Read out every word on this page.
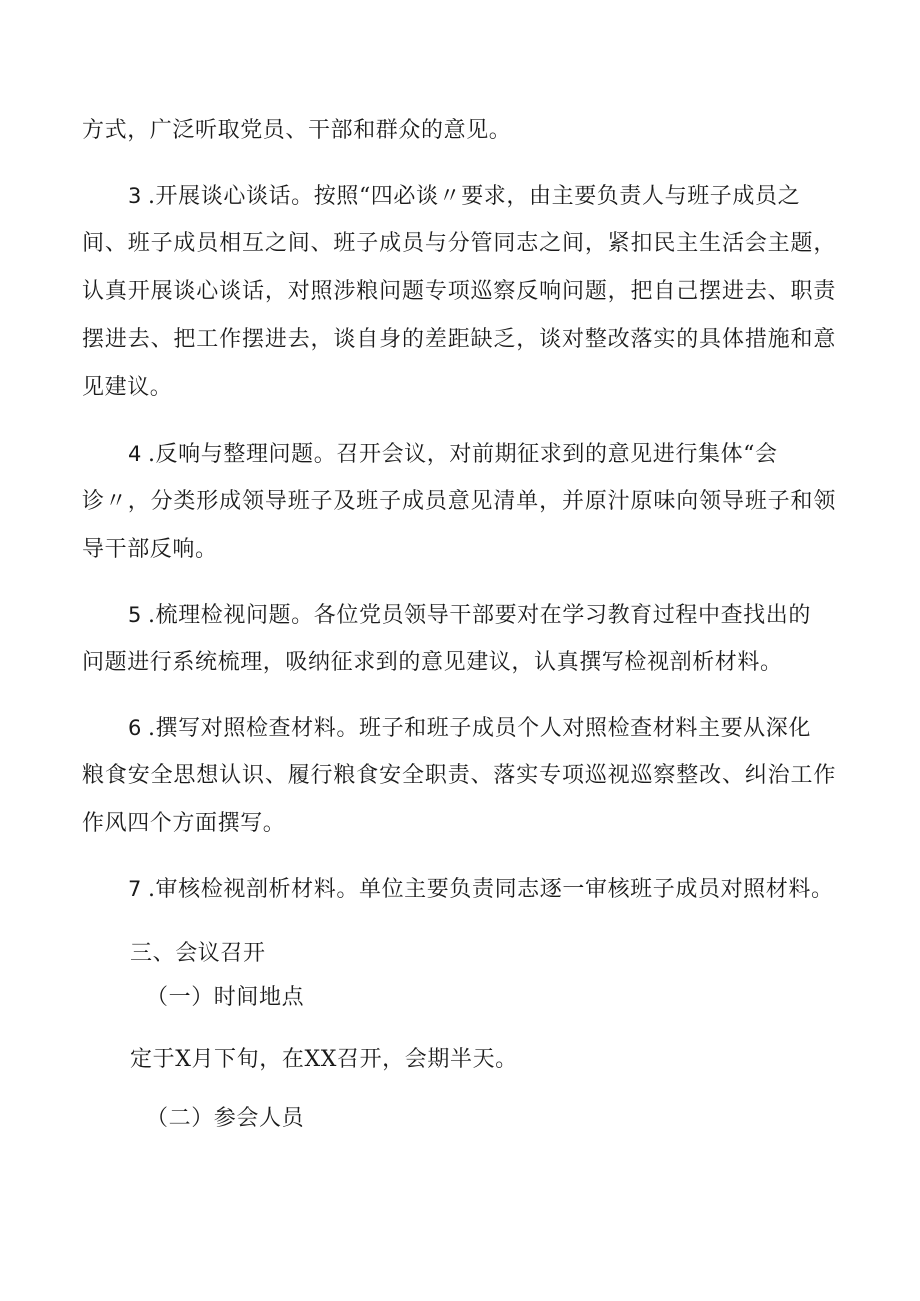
方式，广泛听取党员、干部和群众的意见。
3 .开展谈心谈话。按照“四必谈〃要求，由主要负责人与班子成员之
间、班子成员相互之间、班子成员与分管同志之间，紧扣民主生活会主题，
认真开展谈心谈话，对照涉粮问题专项巡察反响问题，把自己摆进去、职责
摆进去、把工作摆进去，谈自身的差距缺乏，谈对整改落实的具体措施和意
见建议。
4 .反响与整理问题。召开会议，对前期征求到的意见进行集体“会
诊〃，分类形成领导班子及班子成员意见清单，并原汁原味向领导班子和领
导干部反响。
5 .梳理检视问题。各位党员领导干部要对在学习教育过程中查找出的
问题进行系统梳理，吸纳征求到的意见建议，认真撰写检视剖析材料。
6 .撰写对照检查材料。班子和班子成员个人对照检查材料主要从深化
粮食安全思想认识、履行粮食安全职责、落实专项巡视巡察整改、纠治工作
作风四个方面撰写。
7 .审核检视剖析材料。单位主要负责同志逐一审核班子成员对照材料。
三、会议召开
（一）时间地点
定于X月下旬，在XX召开，会期半天。
（二）参会人员
